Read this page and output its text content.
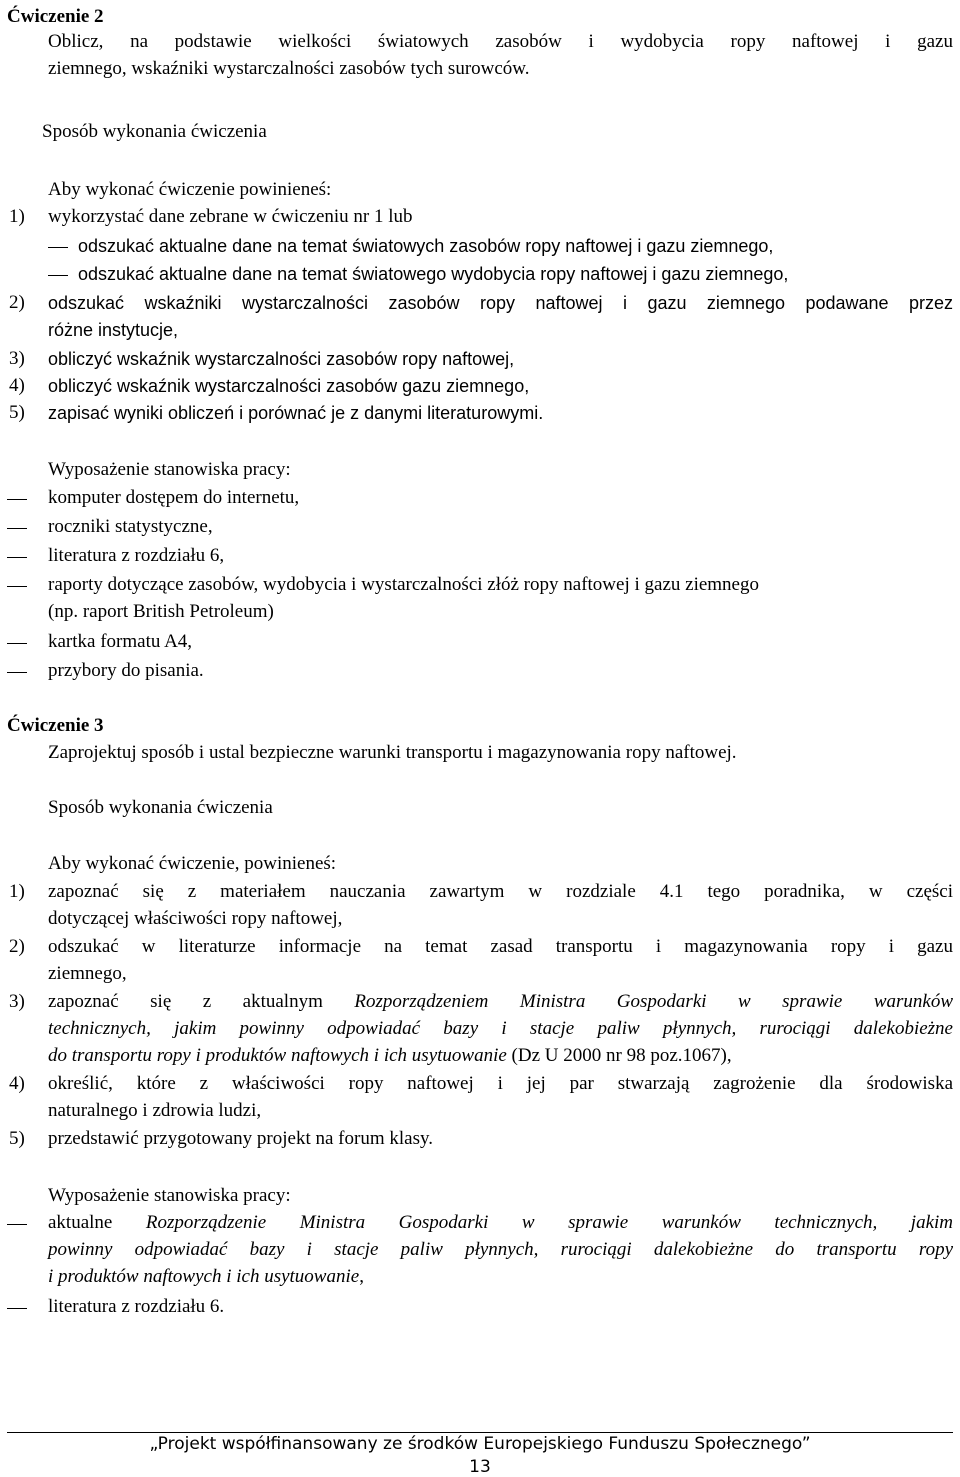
Ćwiczenie 2
Oblicz, na podstawie wielkości światowych zasobów i wydobycia ropy naftowej i gazu
ziemnego, wskaźniki wystarczalności zasobów tych surowców.
Sposób wykonania ćwiczenia
Aby wykonać ćwiczenie powinieneś:
1)	wykorzystać dane zebrane w ćwiczeniu nr 1 lub
odszukać aktualne dane na temat światowych zasobów ropy naftowej i gazu ziemnego,
odszukać aktualne dane na temat światowego wydobycia ropy naftowej i gazu ziemnego,
2)	odszukać wskaźniki wystarczalności zasobów ropy naftowej i gazu ziemnego podawane przez
różne instytucje,
3)	obliczyć wskaźnik wystarczalności zasobów ropy naftowej,
4)	obliczyć wskaźnik wystarczalności zasobów gazu ziemnego,
5)	zapisać wyniki obliczeń i porównać je z danymi literaturowymi.
Wyposażenie stanowiska pracy:
komputer dostępem do internetu,
roczniki statystyczne,
literatura z rozdziału 6,
raporty dotyczące zasobów, wydobycia i wystarczalności złóż ropy naftowej i gazu ziemnego
(np. raport British Petroleum)
kartka formatu A4,
przybory do pisania.
Ćwiczenie 3
Zaprojektuj sposób i ustal bezpieczne warunki transportu i magazynowania ropy naftowej.
Sposób wykonania ćwiczenia
Aby wykonać ćwiczenie, powinieneś:
1)	zapoznać się z materiałem nauczania zawartym w rozdziale 4.1 tego poradnika, w części
dotyczącej właściwości ropy naftowej,
2)	odszukać w literaturze informacje na temat zasad transportu i magazynowania ropy i gazu
ziemnego,
3)	zapoznać się z aktualnym Rozporządzeniem Ministra Gospodarki w sprawie warunków
technicznych, jakim powinny odpowiadać bazy i stacje paliw płynnych, rurociągi dalekobieżne
do transportu ropy i produktów naftowych i ich usytuowanie (Dz U 2000 nr 98 poz.1067),
4)	określić, które z właściwości ropy naftowej i jej par stwarzają zagrożenie dla środowiska
naturalnego i zdrowia ludzi,
5)	przedstawić przygotowany projekt na forum klasy.
Wyposażenie stanowiska pracy:
aktualne Rozporządzenie Ministra Gospodarki w sprawie warunków technicznych, jakim
powinny odpowiadać bazy i stacje paliw płynnych, rurociągi dalekobieżne do transportu ropy
i produktów naftowych i ich usytuowanie,
literatura z rozdziału 6.
„Projekt współfinansowany ze środków Europejskiego Funduszu Społecznego”
13
